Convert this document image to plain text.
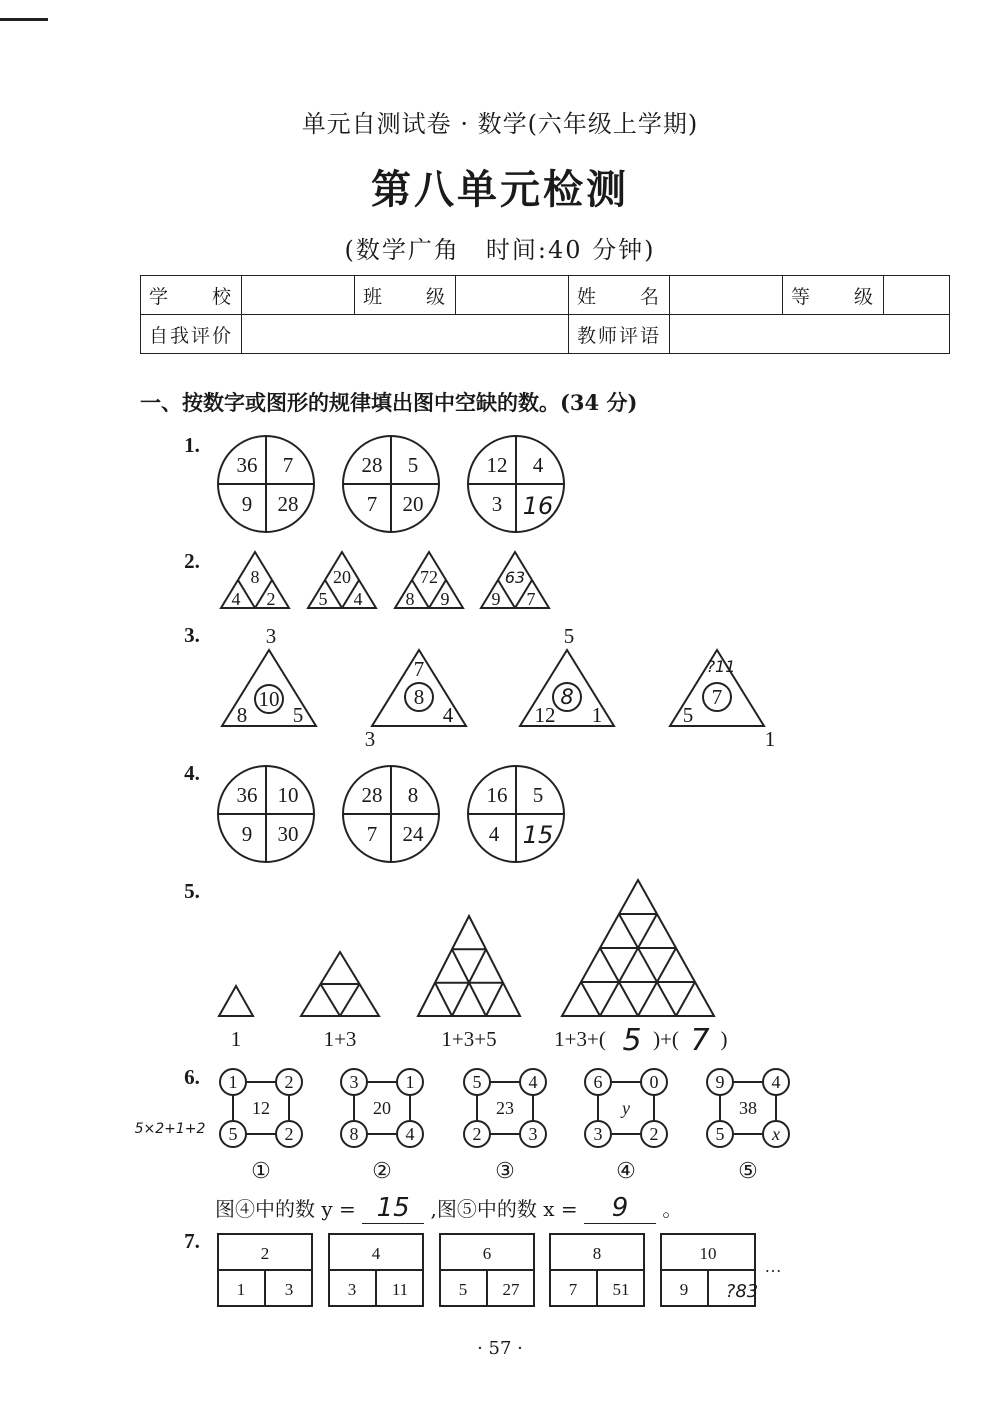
单元自测试卷 · 数学(六年级上学期)
第八单元检测
(数学广角　时间:40 分钟)
学　　校		班　　级		姓　　名		等　　级	
自我评价				教师评语			
一、按数字或图形的规律填出图中空缺的数。(34 分)
1.
2.
3.
4.
5.
6.
7.
36 7
9 28
28 5
7 20
12 4
3 16
8
4 2
20
5 4
72
8 9
63
9 7
3
10
8 5
7
8
4
3
5
8
12 1
?11
7
5
1
36 10
9 30
28 8
7 24
16 5
4 15
1	1+3	1+3+5	1+3+( 5 )+( 7 )
5×2+1+2
1	2
5	2
12
①
3	1
8	4
20
②
5	4
2	3
23
③
6	0
3	2
y
④
9	4
5	x
38
⑤
2
1 3
4
3 11
6
5 27
8
7 51
10
9 ?83
…
图④中的数 y = 15 ,图⑤中的数 x = 9 。
· 57 ·
